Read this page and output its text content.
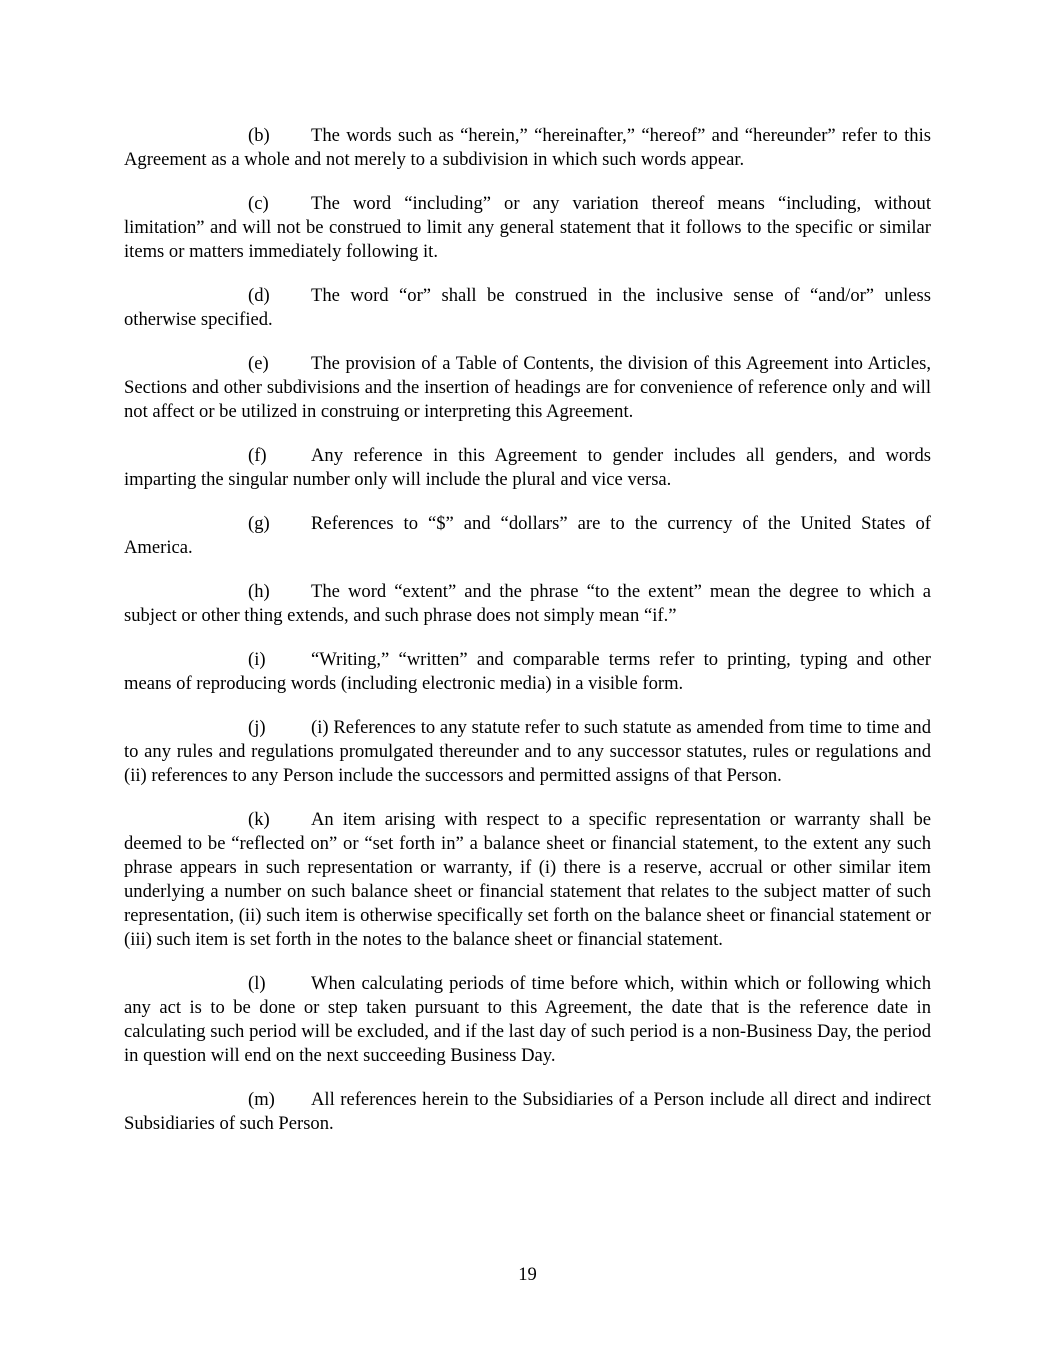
(b) The words such as “herein,” “hereinafter,” “hereof” and “hereunder” refer to this Agreement as a whole and not merely to a subdivision in which such words appear.

(c) The word “including” or any variation thereof means “including, without limitation” and will not be construed to limit any general statement that it follows to the specific or similar items or matters immediately following it.

(d) The word “or” shall be construed in the inclusive sense of “and/or” unless otherwise specified.

(e) The provision of a Table of Contents, the division of this Agreement into Articles, Sections and other subdivisions and the insertion of headings are for convenience of reference only and will not affect or be utilized in construing or interpreting this Agreement.

(f) Any reference in this Agreement to gender includes all genders, and words imparting the singular number only will include the plural and vice versa.

(g) References to “$” and “dollars” are to the currency of the United States of America.

(h) The word “extent” and the phrase “to the extent” mean the degree to which a subject or other thing extends, and such phrase does not simply mean “if.”

(i) “Writing,” “written” and comparable terms refer to printing, typing and other means of reproducing words (including electronic media) in a visible form.

(j) (i) References to any statute refer to such statute as amended from time to time and to any rules and regulations promulgated thereunder and to any successor statutes, rules or regulations and (ii) references to any Person include the successors and permitted assigns of that Person.

(k) An item arising with respect to a specific representation or warranty shall be deemed to be “reflected on” or “set forth in” a balance sheet or financial statement, to the extent any such phrase appears in such representation or warranty, if (i) there is a reserve, accrual or other similar item underlying a number on such balance sheet or financial statement that relates to the subject matter of such representation, (ii) such item is otherwise specifically set forth on the balance sheet or financial statement or (iii) such item is set forth in the notes to the balance sheet or financial statement.

(l) When calculating periods of time before which, within which or following which any act is to be done or step taken pursuant to this Agreement, the date that is the reference date in calculating such period will be excluded, and if the last day of such period is a non-Business Day, the period in question will end on the next succeeding Business Day.

(m) All references herein to the Subsidiaries of a Person include all direct and indirect Subsidiaries of such Person.

19
